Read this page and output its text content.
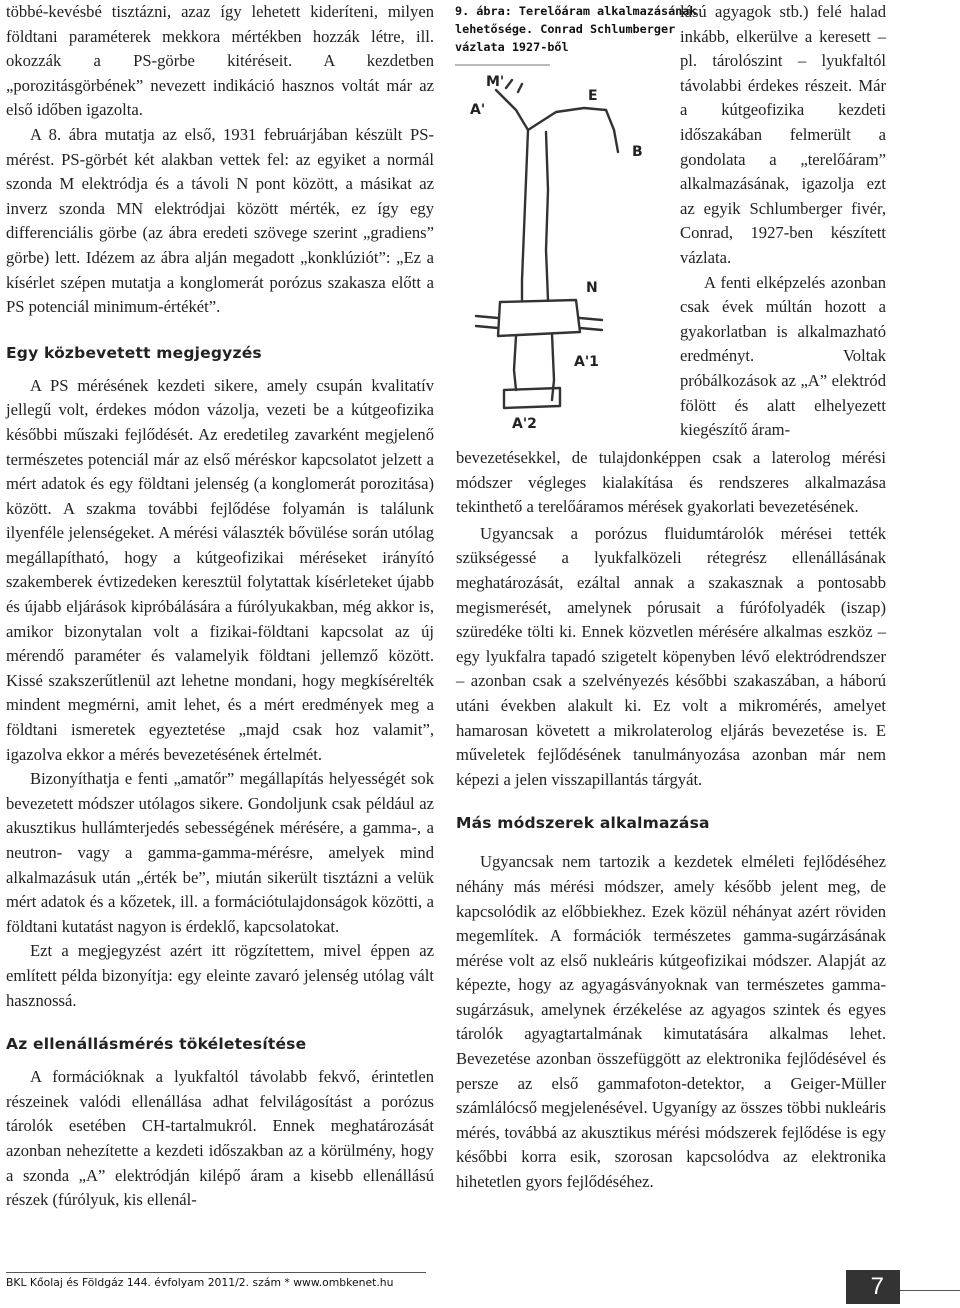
többé-kevésbé tisztázni, azaz így lehetett kideríteni, milyen földtani paraméterek mekkora mértékben hozzák létre, ill. okozzák a PS-görbe kitéréseit. A kezdetben „porozitásgörbének” nevezett indikáció hasznos voltát már az első időben igazolta.

A 8. ábra mutatja az első, 1931 februárjában készült PS-mérést. PS-görbét két alakban vettek fel: az egyiket a normál szonda M elektródja és a távoli N pont között, a másikat az inverz szonda MN elektródjai között mérték, ez így egy differenciális görbe (az ábra eredeti szövege szerint „gradiens” görbe) lett. Idézem az ábra alján megadott „konklúziót”: „Ez a kísérlet szépen mutatja a konglomerát porózus szakasza előtt a PS potenciál minimum-értékét”.

Egy közbevetett megjegyzés

A PS mérésének kezdeti sikere, amely csupán kvalitatív jellegű volt, érdekes módon vázolja, vezeti be a kútgeofizika későbbi műszaki fejlődését. Az eredetileg zavarként megjelenő természetes potenciál már az első méréskor kapcsolatot jelzett a mért adatok és egy földtani jelenség (a konglomerát porozitása) között. A szakma további fejlődése folyamán is találunk ilyenféle jelenségeket. A mérési választék bővülése során utólag megállapítható, hogy a kútgeofizikai méréseket irányító szakemberek évtizedeken keresztül folytattak kísérleteket újabb és újabb eljárások kipróbálására a fúrólyukakban, még akkor is, amikor bizonytalan volt a fizikai-földtani kapcsolat az új mérendő paraméter és valamelyik földtani jellemző között. Kissé szakszerűtlenül azt lehetne mondani, hogy megkísérelték mindent megmérni, amit lehet, és a mért eredmények meg a földtani ismeretek egyeztetése „majd csak hoz valamit”, igazolva ekkor a mérés bevezetésének értelmét.

Bizonyíthatja e fenti „amatőr” megállapítás helyességét sok bevezetett módszer utólagos sikere. Gondoljunk csak például az akusztikus hullámterjedés sebességének mérésére, a gamma-, a neutron- vagy a gamma-gamma-mérésre, amelyek mind alkalmazásuk után „érték be”, miután sikerült tisztázni a velük mért adatok és a kőzetek, ill. a formációtulajdonságok közötti, a földtani kutatást nagyon is érdeklő, kapcsolatokat.

Ezt a megjegyzést azért itt rögzítettem, mivel éppen az említett példa bizonyítja: egy eleinte zavaró jelenség utólag vált hasznossá.

Az ellenállásmérés tökéletesítése

A formációknak a lyukfaltól távolabb fekvő, érintetlen részeinek valódi ellenállása adhat felvilágosítást a porózus tárolók esetében CH-tartalmukról. Ennek meghatározását azonban nehezítette a kezdeti időszakban az a körülmény, hogy a szonda „A” elektródján kilépő áram a kisebb ellenállású részek (fúrólyuk, kis ellenál-

9. ábra: Terelőáram alkalmazásának
lehetősége. Conrad Schlumberger
vázlata 1927-ből
M'
A'
E
B
N
A'1
A'2

lású agyagok stb.) felé halad inkább, elkerülve a keresett – pl. tárolószint – lyukfaltól távolabbi érdekes részeit. Már a kútgeofizika kezdeti időszakában felmerült a gondolata a „terelőáram” alkalmazásának, igazolja ezt az egyik Schlumberger fivér, Conrad, 1927-ben készített vázlata.

A fenti elképzelés azonban csak évek múltán hozott a gyakorlatban is alkalmazható eredményt. Voltak próbálkozások az „A” elektród fölött és alatt elhelyezett kiegészítő áram-

bevezetésekkel, de tulajdonképpen csak a laterolog mérési módszer végleges kialakítása és rendszeres alkalmazása tekinthető a terelőáramos mérések gyakorlati bevezetésének.

Ugyancsak a porózus fluidumtárolók mérései tették szükségessé a lyukfalközeli rétegrész ellenállásának meghatározását, ezáltal annak a szakasznak a pontosabb megismerését, amelynek pórusait a fúrófolyadék (iszap) szüredéke tölti ki. Ennek közvetlen mérésére alkalmas eszköz – egy lyukfalra tapadó szigetelt köpenyben lévő elektródrendszer – azonban csak a szelvényezés későbbi szakaszában, a háború utáni években alakult ki. Ez volt a mikromérés, amelyet hamarosan követett a mikrolaterolog eljárás bevezetése is. E műveletek fejlődésének tanulmányozása azonban már nem képezi a jelen visszapillantás tárgyát.

Más módszerek alkalmazása

Ugyancsak nem tartozik a kezdetek elméleti fejlődéséhez néhány más mérési módszer, amely később jelent meg, de kapcsolódik az előbbiekhez. Ezek közül néhányat azért röviden megemlítek. A formációk természetes gamma-sugárzásának mérése volt az első nukleáris kútgeofizikai módszer. Alapját az képezte, hogy az agyagásványoknak van természetes gamma-sugárzásuk, amelynek érzékelése az agyagos szintek és egyes tárolók agyagtartalmának kimutatására alkalmas lehet. Bevezetése azonban összefüggött az elektronika fejlődésével és persze az első gammafoton-detektor, a Geiger-Müller számlálócső megjelenésével. Ugyanígy az összes többi nukleáris mérés, továbbá az akusztikus mérési módszerek fejlődése is egy későbbi korra esik, szorosan kapcsolódva az elektronika hihetetlen gyors fejlődéséhez.

BKL Kőolaj és Földgáz 144. évfolyam 2011/2. szám * www.ombkenet.hu	7
